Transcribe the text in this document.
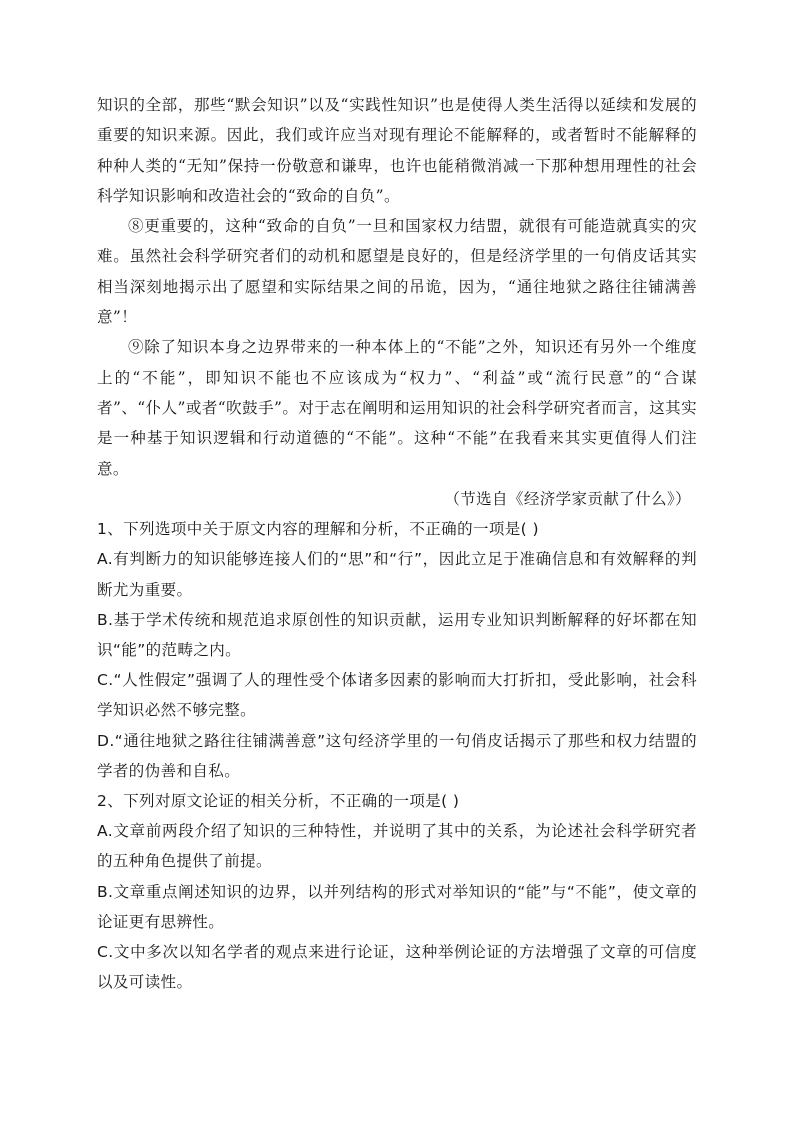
知识的全部，那些“默会知识”以及“实践性知识”也是使得人类生活得以延续和发展的重要的知识来源。因此，我们或许应当对现有理论不能解释的，或者暂时不能解释的种种人类的“无知”保持一份敬意和谦卑，也许也能稍微消减一下那种想用理性的社会科学知识影响和改造社会的“致命的自负”。

⑧更重要的，这种“致命的自负”一旦和国家权力结盟，就很有可能造就真实的灾难。虽然社会科学研究者们的动机和愿望是良好的，但是经济学里的一句俏皮话其实相当深刻地揭示出了愿望和实际结果之间的吊诡，因为，“通往地狱之路往往铺满善意”！

⑨除了知识本身之边界带来的一种本体上的“不能”之外，知识还有另外一个维度上的“不能”，即知识不能也不应该成为“权力”、“利益”或“流行民意”的“合谋者”、“仆人”或者“吹鼓手”。对于志在阐明和运用知识的社会科学研究者而言，这其实是一种基于知识逻辑和行动道德的“不能”。这种“不能”在我看来其实更值得人们注意。

（节选自《经济学家贡献了什么》）

1、下列选项中关于原文内容的理解和分析，不正确的一项是( )

A.有判断力的知识能够连接人们的“思”和“行”，因此立足于准确信息和有效解释的判断尤为重要。

B.基于学术传统和规范追求原创性的知识贡献，运用专业知识判断解释的好坏都在知识“能”的范畴之内。

C.“人性假定”强调了人的理性受个体诸多因素的影响而大打折扣，受此影响，社会科学知识必然不够完整。

D.“通往地狱之路往往铺满善意”这句经济学里的一句俏皮话揭示了那些和权力结盟的学者的伪善和自私。

2、下列对原文论证的相关分析，不正确的一项是( )

A.文章前两段介绍了知识的三种特性，并说明了其中的关系，为论述社会科学研究者的五种角色提供了前提。

B.文章重点阐述知识的边界，以并列结构的形式对举知识的“能”与“不能”，使文章的论证更有思辨性。

C.文中多次以知名学者的观点来进行论证，这种举例论证的方法增强了文章的可信度以及可读性。
